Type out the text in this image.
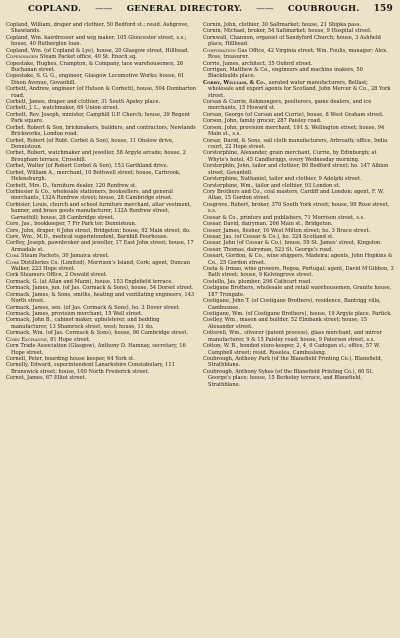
COPLAND. —— GENERAL DIRECTORY. —— COUBROUGH. 159

Copland, William, draper and clothier, 50 Bedford st.; resid. Ashgrove, Shawlands.

Copland, Wm. hairdresser and wig maker, 105 Gloucester street, s.s.; house, 40 Rutherglen loan.

Copland, Wm. (of Copland & Lye), house, 20 Glasgow street, Hillhead.

Copenhagen Steam Packet office, 40 St. Enoch sq.

Copestake, Hughes, Crampton, & Company, lace warehousemen, 26 Buchanan street.

Copestake, S. G. G., engineer, Glasgow Locomotive Works; house, 61 Dixon Avenue, Govanhill.

Corbett, Andrew, engineer (of Hutson & Corbett), house, 504 Dumbarton road.

Corbett, James, draper and clothier, 31 South Apsley place.

Corbett, J. L., watchmaker, 69 Union street.

Corbett, Rev. Joseph, minister, Camphill U.P. Church; house, 39 Regent Park square.

Corbet. Robert & Son, brickmakers, builders, and contractors, Newlands Brickworks, London road.

Corbet, Robert (of Robt. Corbet & Son), house, 11 Onslow drive, Dennistoun.

Corbet, Robert, watchmaker and jeweller, 58 Argyle arcade; house, 2 Brougham terrace, Crosshill.

Corbet, Walter (of Robert Corbet & Son), 153 Garthland drive.

Corbet, William A., merchant, 10 Bothwell street; house, Carbrook, Helensburgh.

Corbett, Mrs. D., furniture dealer, 120 Renfrew st.

Corbiesier & Co., wholesale stationers, booksellers, and general merchants, 132A Renfrew street; house, 28 Cambridge street.

Corbisier, Louis, church and school furniture merchant, altar vestment, banner, and brass goods manufacturer, 132A Renfrew street, Garnethill; house, 28 Cambridge street.

Core, Jas., bookkeeper, 7 Fir Park ter. Dennistoun.

Core, John, draper, 6 John street, Bridgeton; house, 92 Main street, do.

Core, Wm., M.D., medical superintendent, Barnhill Poorhouse.

Corfley, Joseph, pawnbroker and jeweller, 17 East John street; house, 17 Armadale st.

Cork Steam Packets, 30 Jamaica street.

Cork Distilleries Co. (Limited), Morrison's Island, Cork; agent, Duncan Walker, 223 Hope street.

Cork Steamers Office, 2 Oswald street.

Cormack, G. (at Allan and Mann), house, 153 Englefield terrace.

Cormack, James, jun. (of Jas. Cormack & Sons), house, 54 Dorset street.

Cormack, James, & Sons, smiths, heating and ventilating engineers, 143 North street.

Cormack, James, sen. (of Jas. Cormack & Sons), ho. 3 Dover street.

Cormack, James, provision merchant, 15 Well street.

Cormack, John B., cabinet maker, upholsterer, and bedding manufacturer, 13 Shamrock street, west; house, 11 do.

Cormack, Wm. (of Jas. Cormack & Sons), house, 96 Cambridge street.

Corn Exchange, 81 Hope street.

Corn Trade Association (Glasgow), Anthony D. Hamnay, secretary, 16 Hope street.

Corneil, Peter, boarding house keeper, 64 York st.

Cornelly, Edward, superintendent Lanarkshire Constabulary, 111 Brunswick street; house, 100 North Frederick street.

Cornet, James, 67 Elliot street.

Cornin, John, clothier, 30 Saltmarket; house, 21 Shipka pass.

Cornin, Michael, broker, 54 Saltmarket; house, 9 Hospital street.

Cornwall, Channon, organist of Sandyford Church; house, 3 Ashfield place, Hillhead.

Corporation Gas Office, 42 Virginia street; Wm. Foulis, manager; Alex. Ross, treasurer.

Corrie, James, architect, 35 Oxford street.

Corrigan, Matthew & Co., engineers and machine makers, 50 Blackfaulds place.

Corry, William, & Co., aerated water manufacturers, Belfast; wholesale and export agents for Scotland, John Mercer & Co., 28 York street.

Corsan & Currie, fishmongers, poulterers, game dealers, and ice merchants, 15 Howard st.

Corsan, George (of Corsan and Currie), house, 8 West Graham street.

Corson, John, family grocer, 287 Paisley road.

Corson, John, provision merchant, 191 S. Wellington street; house, 94 Main st., s.s.

Corsar, David, & Sons, sail cloth manufacturers, Arbroath; office, India court, 22 Hope street.

Corstorphine, Alexander, grain merchant, Currie, by Edinburgh; at Whyte's hotel, 45 Candleriggs, every Wednesday morning.

Corstorphin, John, tailor and clothier, 80 Bedford street; ho. 147 Albion street, Govanhill.

Corstorphine, Nathaniel, tailor and clothier, 9 Adelphi street.

Corstorphine, Wm., tailor and clothier, 93 London st.

Cory Brothers and Co., coal masters, Cardiff and London; agent, F. W. Allan, 15 Gordon street.

Cosgrove, Robert, broker, 370 South York street; house, 99 Rose street, s.s.

Cossar & Co., printers and publishers, 71 Morrison street, s.s.

Cossar, David, dairyman, 266 Main st., Bridgeton.

Cosser, James, flesher, 16 West Milton street; ho. 3 Braco street.

Cossar, Jas. (of Cossar & Co.), ho. 324 Scotland st.

Cossar, John (of Cossar & Co.), house, 59 St. James' street, Kingston.

Cossar, Thomas, dairyman, 523 St. George's road.

Cossart, Gordon, & Co., wine shippers, Madeira; agents, John Hopkins & Co., 25 Gordon street.

Costa & Irmao, wine growers, Regoa, Portugal; agent, David M'Gibbon, 3 Bath street; house, 9 Kelvingrove street.

Costello, Jas. plumber, 296 Cathcart road.

Costigane Brothers, wholesale and retail warehousemen, Granite house, 187 Trongate.

Costigane, John T. (of Costigane Brothers), residence, Bantrigg villa, Cambusnee.

Costigane, Wm. (of Costigane Brothers), house, 19 Argyle place, Partick.

Costley, Wm., mason and builder, 52 Elmbank street; house, 15 Alexander street.

Cotterell, Wm., silverer (patent process), glass merchant, and mirror manufacturer, 9 & 15 Paisley road; house, 9 Paterson street, s.s.

Cotton, W. B., bonded store-keeper, 2, 4, 6 Cadogan st.; office, 57 W. Campbell street; resid. Roselea, Cambuslang.

Coubrough, Anthony Park (of the Blanefield Printing Co.), Blanefield, Strathblane.

Coubrough, Anthony Sykes (of the Blanefield Printing Co.), 60 St. George's place; house, 15 Berkeley terrace, and Blanefield, Strathblane.
